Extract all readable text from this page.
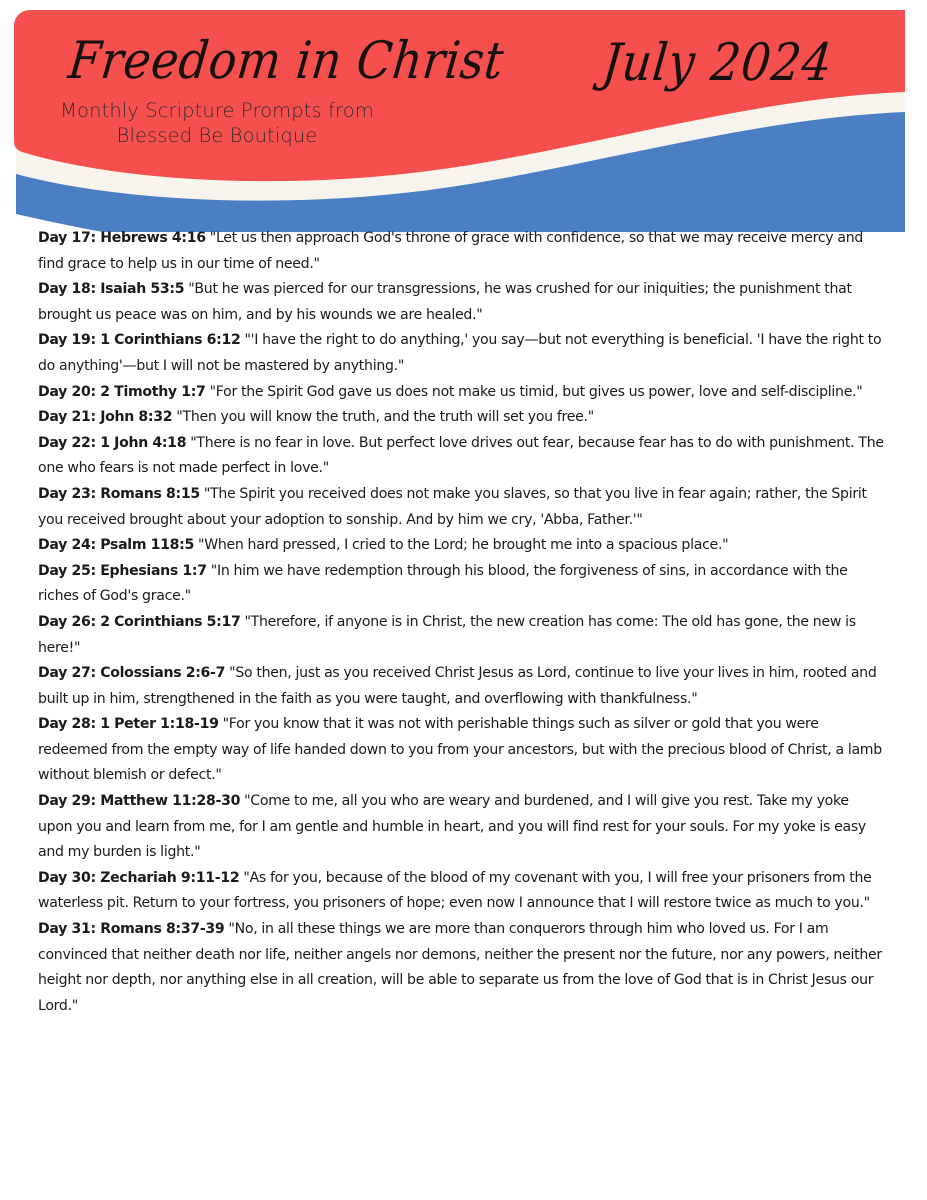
Freedom in Christ July 2024
Monthly Scripture Prompts from
Blessed Be Boutique

Day 17: Hebrews 4:16 "Let us then approach God's throne of grace with confidence, so that we may receive mercy and find grace to help us in our time of need."

Day 18: Isaiah 53:5 "But he was pierced for our transgressions, he was crushed for our iniquities; the punishment that brought us peace was on him, and by his wounds we are healed."

Day 19: 1 Corinthians 6:12 "'I have the right to do anything,' you say—but not everything is beneficial. 'I have the right to do anything'—but I will not be mastered by anything."

Day 20: 2 Timothy 1:7 "For the Spirit God gave us does not make us timid, but gives us power, love and self-discipline."

Day 21: John 8:32 "Then you will know the truth, and the truth will set you free."

Day 22: 1 John 4:18 "There is no fear in love. But perfect love drives out fear, because fear has to do with punishment. The one who fears is not made perfect in love."

Day 23: Romans 8:15 "The Spirit you received does not make you slaves, so that you live in fear again; rather, the Spirit you received brought about your adoption to sonship. And by him we cry, 'Abba, Father.'"

Day 24: Psalm 118:5 "When hard pressed, I cried to the Lord; he brought me into a spacious place."

Day 25: Ephesians 1:7 "In him we have redemption through his blood, the forgiveness of sins, in accordance with the riches of God's grace."

Day 26: 2 Corinthians 5:17 "Therefore, if anyone is in Christ, the new creation has come: The old has gone, the new is here!"

Day 27: Colossians 2:6-7 "So then, just as you received Christ Jesus as Lord, continue to live your lives in him, rooted and built up in him, strengthened in the faith as you were taught, and overflowing with thankfulness."

Day 28: 1 Peter 1:18-19 "For you know that it was not with perishable things such as silver or gold that you were redeemed from the empty way of life handed down to you from your ancestors, but with the precious blood of Christ, a lamb without blemish or defect."

Day 29: Matthew 11:28-30 "Come to me, all you who are weary and burdened, and I will give you rest. Take my yoke upon you and learn from me, for I am gentle and humble in heart, and you will find rest for your souls. For my yoke is easy and my burden is light."

Day 30: Zechariah 9:11-12 "As for you, because of the blood of my covenant with you, I will free your prisoners from the waterless pit. Return to your fortress, you prisoners of hope; even now I announce that I will restore twice as much to you."

Day 31: Romans 8:37-39 "No, in all these things we are more than conquerors through him who loved us. For I am convinced that neither death nor life, neither angels nor demons, neither the present nor the future, nor any powers, neither height nor depth, nor anything else in all creation, will be able to separate us from the love of God that is in Christ Jesus our Lord."
